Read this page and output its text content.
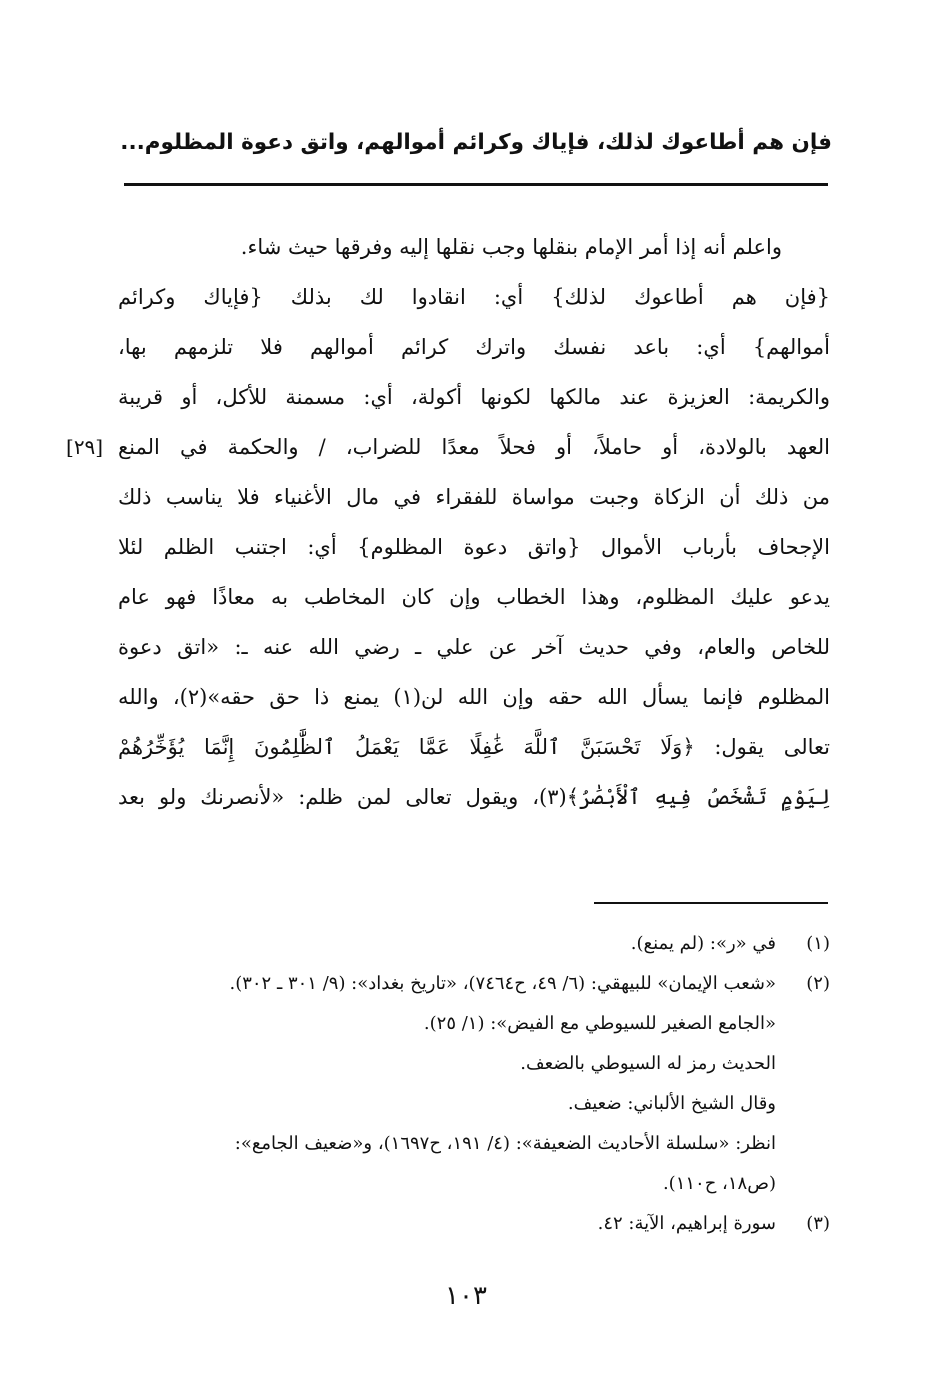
فإن هم أطاعوك لذلك، فإياك وكرائم أموالهم، واتق دعوة المظلوم...
واعلم أنه إذا أمر الإمام بنقلها وجب نقلها إليه وفرقها حيث شاء.
{فإن هم أطاعوك لذلك} أي: انقادوا لك بذلك {فإياك وكرائم
أموالهم} أي: باعد نفسك واترك كرائم أموالهم فلا تلزمهم بها،
والكريمة: العزيزة عند مالكها لكونها أكولة، أي: مسمنة للأكل، أو قريبة
العهد بالولادة، أو حاملاً، أو فحلاً معدًا للضراب، / والحكمة في المنع
من ذلك أن الزكاة وجبت مواساة للفقراء في مال الأغنياء فلا يناسب ذلك
الإجحاف بأرباب الأموال {واتق دعوة المظلوم} أي: اجتنب الظلم لئلا
يدعو عليك المظلوم، وهذا الخطاب وإن كان المخاطب به معاذًا فهو عام
للخاص والعام، وفي حديث آخر عن علي ـ رضي الله عنه ـ: «اتق دعوة
المظلوم فإنما يسأل الله حقه وإن الله لن(١) يمنع ذا حق حقه»(٢)، والله
تعالى يقول: ﴿وَلَا تَحْسَبَنَّ ٱللَّهَ غَٰفِلًا عَمَّا يَعْمَلُ ٱلظَّٰلِمُونَ إِنَّمَا يُؤَخِّرُهُمْ
لِيَوْمٍ تَشْخَصُ فِيهِ ٱلْأَبْصَٰرُ﴾(٣)، ويقول تعالى لمن ظلم: «لأنصرنك ولو بعد
[٢٩]
(١)
في «ر»: (لم يمنع).
(٢)
«شعب الإيمان» للبيهقي: (٦/ ٤٩، ح٧٤٦٤)، «تاريخ بغداد»: (٩/ ٣٠١ ـ ٣٠٢).
«الجامع الصغير للسيوطي مع الفيض»: (١/ ٢٥).
الحديث رمز له السيوطي بالضعف.
وقال الشيخ الألباني: ضعيف.
انظر: «سلسلة الأحاديث الضعيفة»: (٤/ ١٩١، ح١٦٩٧)، و«ضعيف الجامع»:
(ص١٨، ح١١٠).
(٣)
سورة إبراهيم، الآية: ٤٢.
١٠٣
